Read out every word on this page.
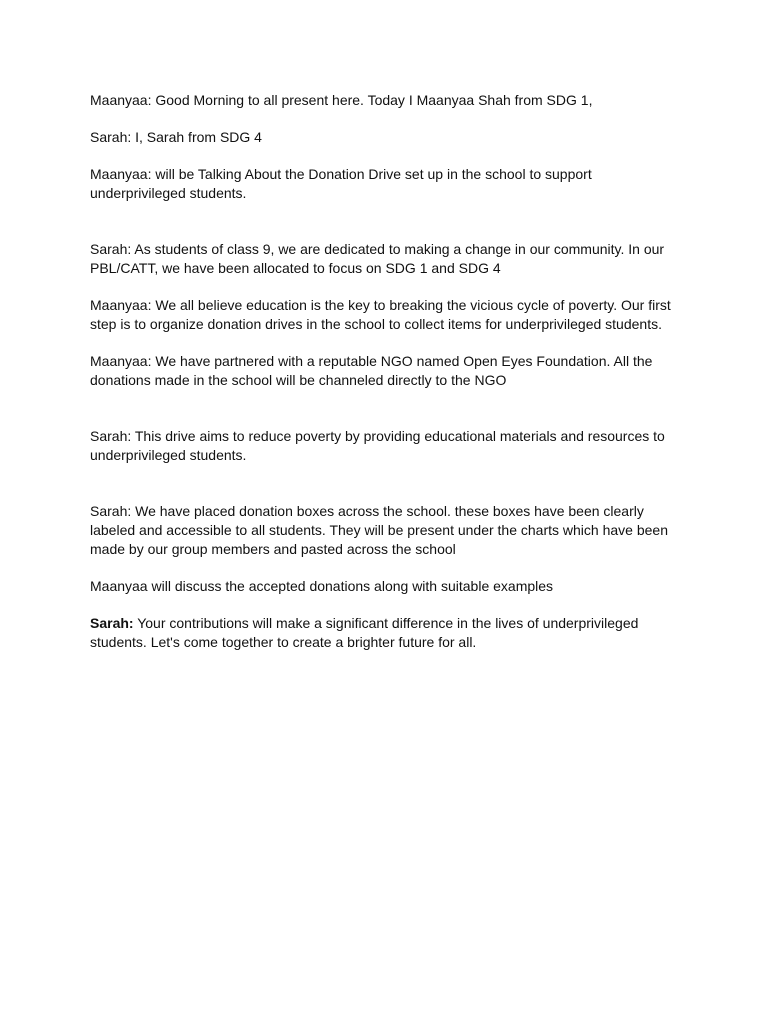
Maanyaa: Good Morning to all present here. Today I Maanyaa Shah from SDG 1,

Sarah: I, Sarah from SDG 4

Maanyaa: will be Talking About the Donation Drive set up in the school to support underprivileged students.

Sarah: As students of class 9, we are dedicated to making a change in our community. In our PBL/CATT, we have been allocated to focus on SDG 1 and SDG 4

Maanyaa: We all believe education is the key to breaking the vicious cycle of poverty. Our first step is to organize donation drives in the school to collect items for underprivileged students.

Maanyaa: We have partnered with a reputable NGO named Open Eyes Foundation. All the donations made in the school will be channeled directly to the NGO

Sarah: This drive aims to reduce poverty by providing educational materials and resources to underprivileged students.

Sarah: We have placed donation boxes across the school. these boxes have been clearly labeled and accessible to all students. They will be present under the charts which have been made by our group members and pasted across the school

Maanyaa will discuss the accepted donations along with suitable examples

Sarah: Your contributions will make a significant difference in the lives of underprivileged students. Let's come together to create a brighter future for all.
